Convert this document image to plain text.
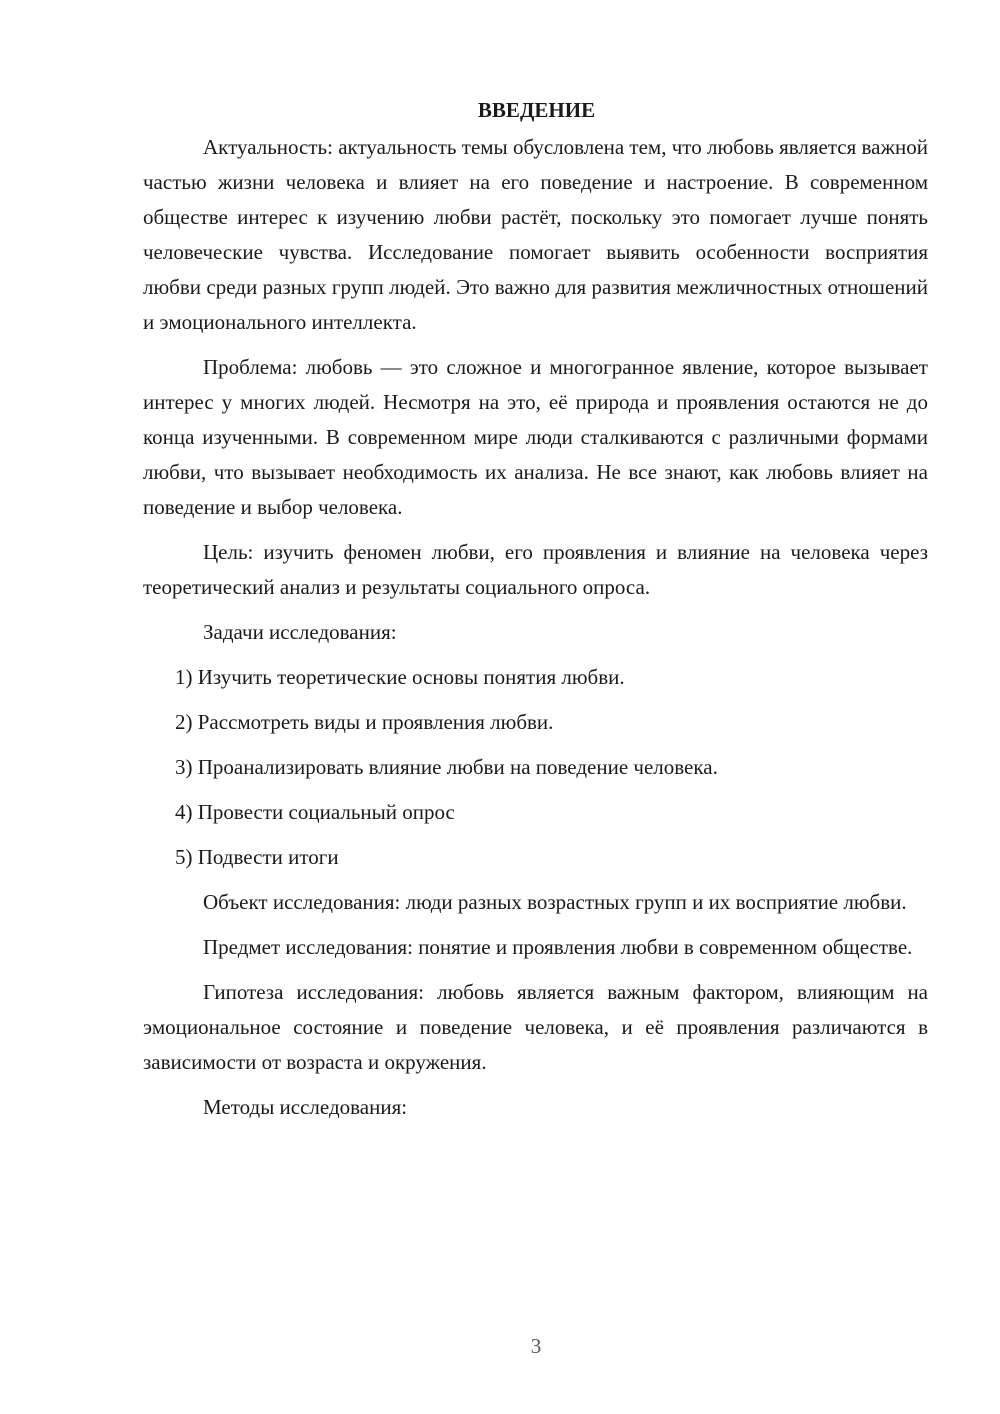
ВВЕДЕНИЕ

Актуальность: актуальность темы обусловлена тем, что любовь является важной частью жизни человека и влияет на его поведение и настроение. В современном обществе интерес к изучению любви растёт, поскольку это помогает лучше понять человеческие чувства. Исследование помогает выявить особенности восприятия любви среди разных групп людей. Это важно для развития межличностных отношений и эмоционального интеллекта.

Проблема: любовь — это сложное и многогранное явление, которое вызывает интерес у многих людей. Несмотря на это, её природа и проявления остаются не до конца изученными. В современном мире люди сталкиваются с различными формами любви, что вызывает необходимость их анализа. Не все знают, как любовь влияет на поведение и выбор человека.

Цель: изучить феномен любви, его проявления и влияние на человека через теоретический анализ и результаты социального опроса.

Задачи исследования:

1) Изучить теоретические основы понятия любви.

2) Рассмотреть виды и проявления любви.

3) Проанализировать влияние любви на поведение человека.

4) Провести социальный опрос

5) Подвести итоги

Объект исследования: люди разных возрастных групп и их восприятие любви.

Предмет исследования: понятие и проявления любви в современном обществе.

Гипотеза исследования: любовь является важным фактором, влияющим на эмоциональное состояние и поведение человека, и её проявления различаются в зависимости от возраста и окружения.

Методы исследования:

3
